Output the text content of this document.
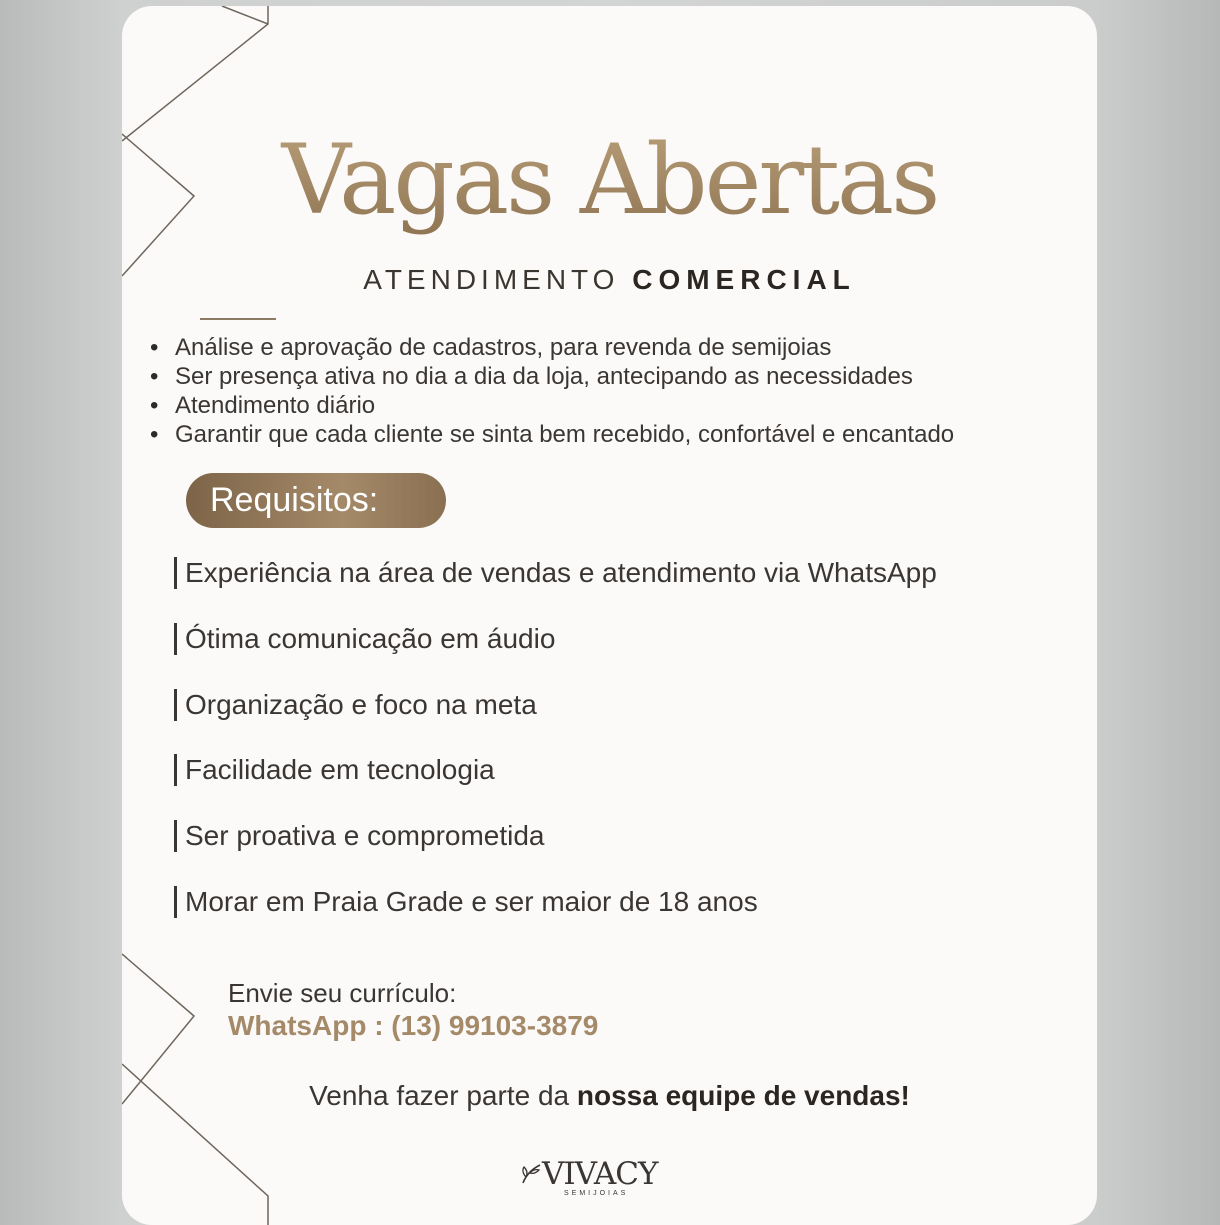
Vagas Abertas
ATENDIMENTO COMERCIAL
• Análise e aprovação de cadastros, para revenda de semijoias
• Ser presença ativa no dia a dia da loja, antecipando as necessidades
• Atendimento diário
• Garantir que cada cliente se sinta bem recebido, confortável e encantado
Requisitos:
Experiência na área de vendas e atendimento via WhatsApp
Ótima comunicação em áudio
Organização e foco na meta
Facilidade em tecnologia
Ser proativa e comprometida
Morar em Praia Grade e ser maior de 18 anos
Envie seu currículo:
WhatsApp : (13) 99103-3879
Venha fazer parte da nossa equipe de vendas!
VIVACY
SEMIJOIAS
